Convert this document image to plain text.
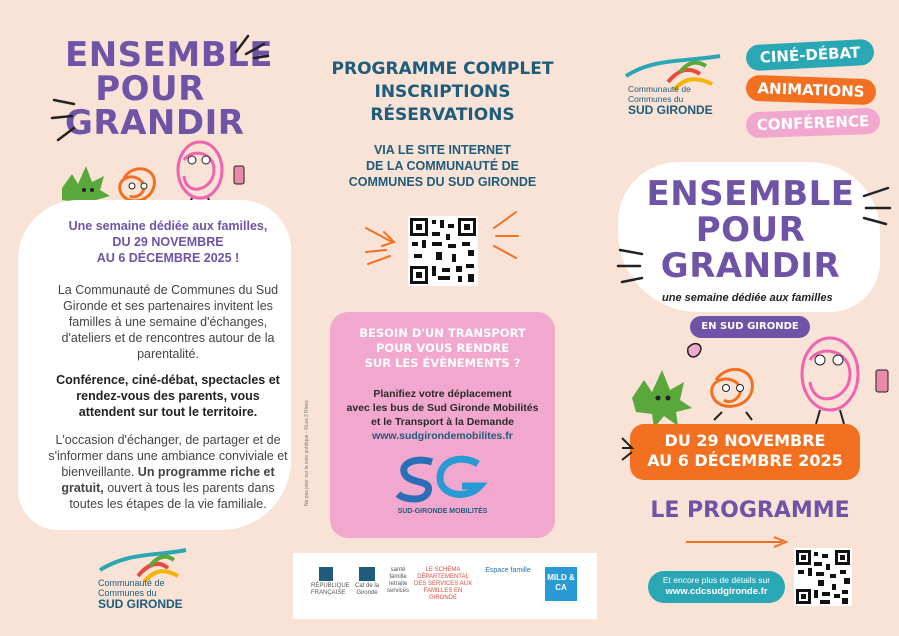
ENSEMBLE
POUR
GRANDIR
Une semaine dédiée aux familles,
DU 29 NOVEMBRE
AU 6 DÉCEMBRE 2025 !
La Communauté de Communes du Sud Gironde et ses partenaires invitent les familles à une semaine d'échanges, d'ateliers et de rencontres autour de la parentalité.
Conférence, ciné-débat, spectacles et rendez-vous des parents, vous attendent sur tout le territoire.
L'occasion d'échanger, de partager et de s'informer dans une ambiance conviviale et bienveillante. Un programme riche et gratuit, ouvert à tous les parents dans toutes les étapes de la vie familiale.
Communauté de
Communes du
SUD GIRONDE
PROGRAMME COMPLET
INSCRIPTIONS
RÉSERVATIONS
VIA LE SITE INTERNET
DE LA COMMUNAUTÉ DE
COMMUNES DU SUD GIRONDE
Ne pas jeter sur la voie publique - ©Les 2 Rives
BESOIN D'UN TRANSPORT
POUR VOUS RENDRE
SUR LES ÉVÈNEMENTS ?
Planifiez votre déplacement
avec les bus de Sud Gironde Mobilités
et le Transport à la Demande
www.sudgirondemobilites.fr
SUD-GIRONDE MOBILITÉS
RÉPUBLIQUE FRANÇAISE
Caf de la Gironde
santé famille retraite services
LE SCHÉMA DÉPARTEMENTAL DES SERVICES AUX FAMILLES EN GIRONDE
Espace famille
MILD & CA
Communauté de
Communes du
SUD GIRONDE
CINÉ-DÉBAT
ANIMATIONS
CONFÉRENCE
ENSEMBLE
POUR
GRANDIR
une semaine dédiée aux familles
EN SUD GIRONDE
DU 29 NOVEMBRE
AU 6 DÉCEMBRE 2025
LE PROGRAMME
Et encore plus de détails sur
www.cdcsudgironde.fr
